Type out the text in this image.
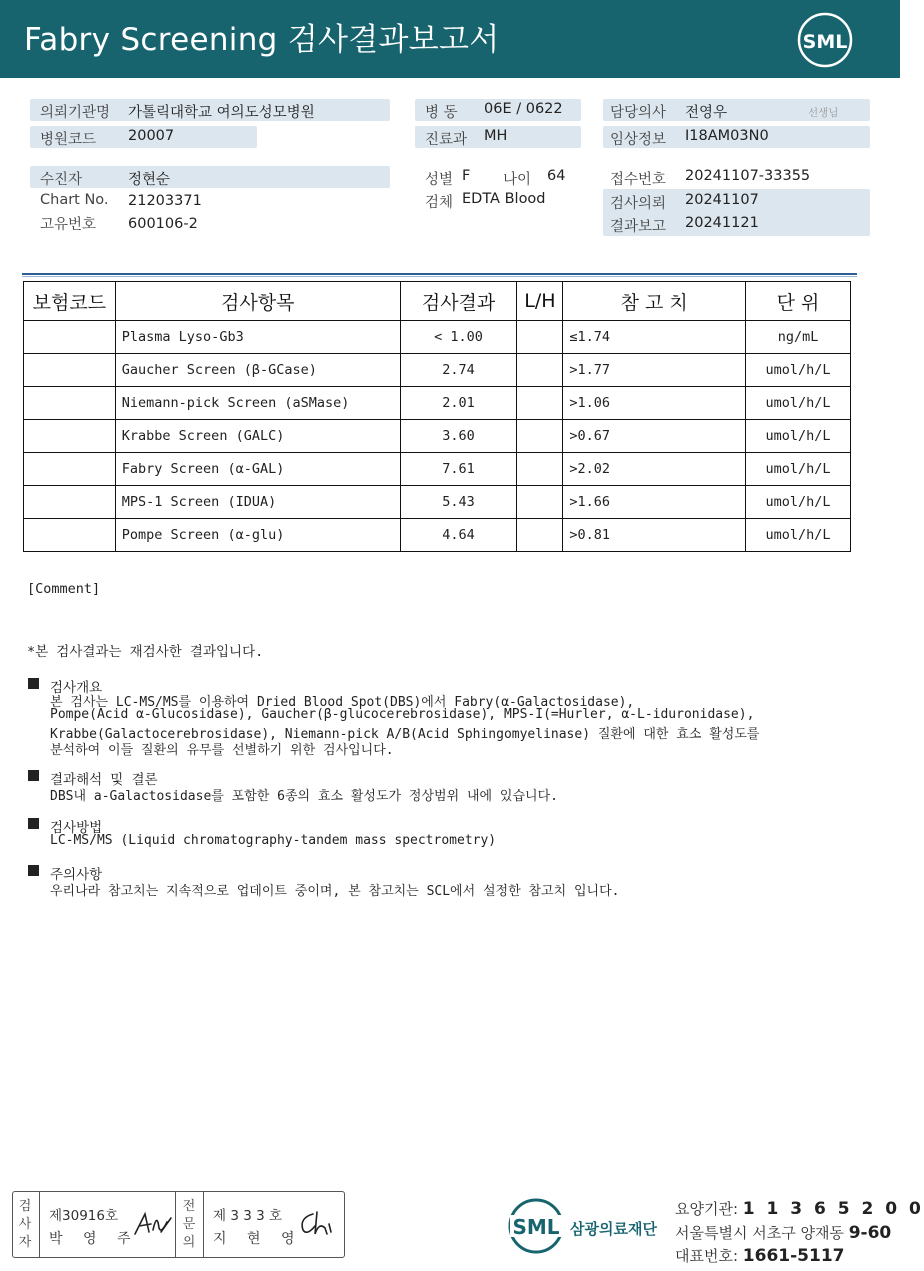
Fabry Screening 검사결과보고서	SML
의뢰기관명 가톨릭대학교 여의도성모병원
병원코드 20007
수진자	정현순
Chart No. 21203371
고유번호 600106-2
병 동 06E / 0622
진료과 MH
성별 F 나이 64
검체 EDTA Blood
담당의사 전영우	선생님
임상정보 I18AM03N0
접수번호 20241107-33355
검사의뢰 20241107
결과보고 20241121
보험코드	검사항목	검사결과	L/H	참 고 치	단 위
	Plasma Lyso-Gb3	< 1.00		≤1.74	ng/mL
	Gaucher Screen (β-GCase)	2.74		>1.77	umol/h/L
	Niemann-pick Screen (aSMase)	2.01		>1.06	umol/h/L
	Krabbe Screen (GALC)	3.60		>0.67	umol/h/L
	Fabry Screen (α-GAL)	7.61		>2.02	umol/h/L
	MPS-1 Screen (IDUA)	5.43		>1.66	umol/h/L
	Pompe Screen (α-glu)	4.64		>0.81	umol/h/L
[Comment]
*본 검사결과는 재검사한 결과입니다.
검사개요
본 검사는 LC-MS/MS를 이용하여 Dried Blood Spot(DBS)에서 Fabry(α-Galactosidase),
Pompe(Acid α-Glucosidase), Gaucher(β-glucocerebrosidase), MPS-I(=Hurler, α-L-iduronidase),
Krabbe(Galactocerebrosidase), Niemann-pick A/B(Acid Sphingomyelinase) 질환에 대한 효소 활성도를
분석하여 이들 질환의 유무를 선별하기 위한 검사입니다.
결과해석 및 결론
DBS내 a-Galactosidase를 포함한 6종의 효소 활성도가 정상범위 내에 있습니다.
검사방법
LC-MS/MS (Liquid chromatography-tandem mass spectrometry)
주의사항
우리나라 참고치는 지속적으로 업데이트 중이며, 본 참고치는 SCL에서 설정한 참고치 입니다.
검
사
자
제30916호
박 영 주
전
문
의
제 3 3 3 호
지 현 영	SML 삼광의료재단
요양기관: 1 1 3 6 5 2 0 0
서울특별시 서초구 양재동 9-60
대표번호: 1661-5117
